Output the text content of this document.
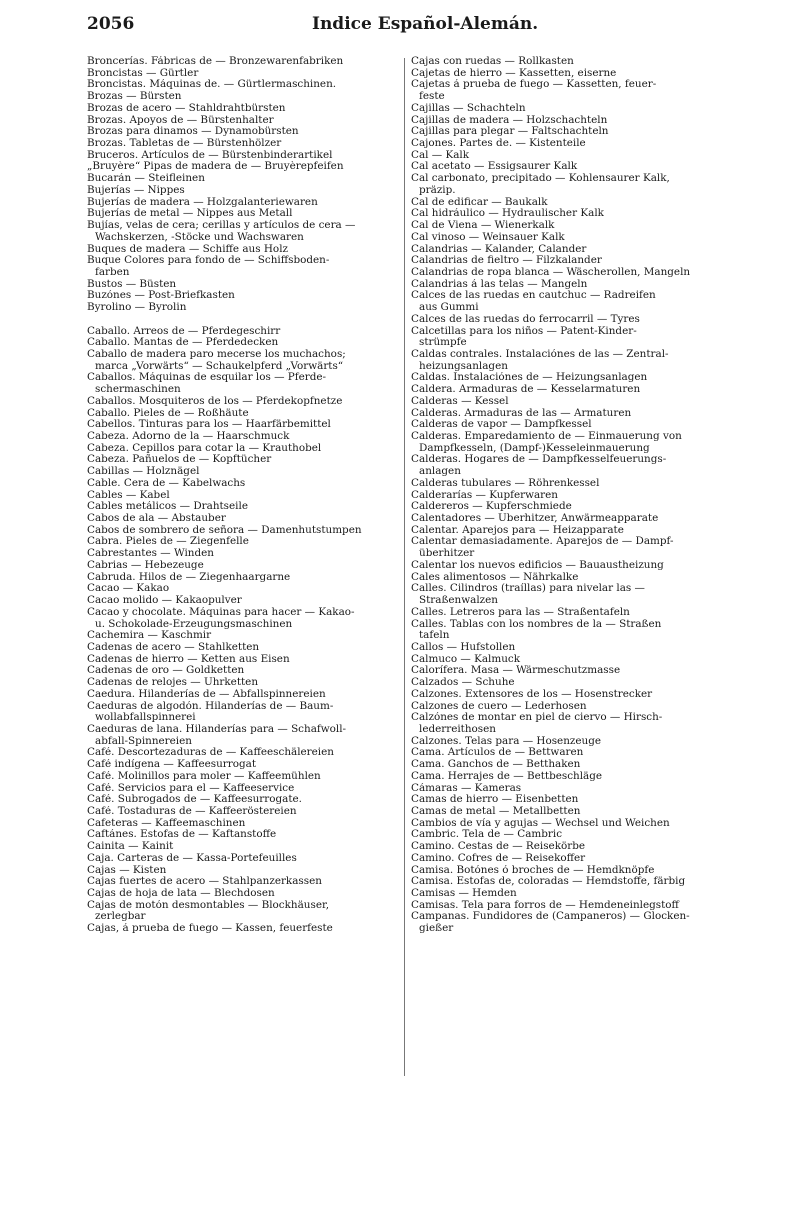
2056	Indice Español-Alemán.
Broncerías. Fábricas de — Bronzewarenfabriken
Broncistas — Gürtler
Broncistas. Máquinas de. — Gürtlermaschinen.
Brozas — Bürsten
Brozas de acero — Stahldrahtbürsten
Brozas. Apoyos de — Bürstenhalter
Brozas para dinamos — Dynamobürsten
Brozas. Tabletas de — Bürstenhölzer
Bruceros. Artículos de — Bürstenbinderartikel
„Bruyère“ Pipas de madera de — Bruyèrepfeifen
Bucarán — Steifleinen
Bujerías — Nippes
Bujerías de madera — Holzgalanteriewaren
Bujerías de metal — Nippes aus Metall
Bujías, velas de cera; cerillas y artículos de cera —
Wachskerzen, -Stöcke und Wachswaren
Buques de madera — Schiffe aus Holz
Buque Colores para fondo de — Schiffsboden-
farben
Bustos — Büsten
Buzónes — Post-Briefkasten
Byrolino — Byrolin
Caballo. Arreos de — Pferdegeschirr
Caballo. Mantas de — Pferdedecken
Caballo de madera paro mecerse los muchachos;
marca „Vorwärts“ — Schaukelpferd „Vorwärts“
Caballos. Máquinas de esquilar los — Pferde-
schermaschinen
Caballos. Mosquiteros de los — Pferdekopfnetze
Caballo. Pieles de — Roßhäute
Cabellos. Tinturas para los — Haarfärbemittel
Cabeza. Adorno de la — Haarschmuck
Cabeza. Cepillos para cotar la — Krauthobel
Cabeza. Pañuelos de — Kopftücher
Cabillas — Holznägel
Cable. Cera de — Kabelwachs
Cables — Kabel
Cables metálicos — Drahtseile
Cabos de ala — Abstauber
Cabos de sombrero de señora — Damenhutstumpen
Cabra. Pieles de — Ziegenfelle
Cabrestantes — Winden
Cabrias — Hebezeuge
Cabruda. Hilos de — Ziegenhaargarne
Cacao — Kakao
Cacao molido — Kakaopulver
Cacao y chocolate. Máquinas para hacer — Kakao-
u. Schokolade-Erzeugungsmaschinen
Cachemira — Kaschmir
Cadenas de acero — Stahlketten
Cadenas de hierro — Ketten aus Eisen
Cadenas de oro — Goldketten
Cadenas de relojes — Uhrketten
Caedura. Hilanderías de — Abfallspinnereien
Caeduras de algodón. Hilanderías de — Baum-
wollabfallspinnerei
Caeduras de lana. Hilanderías para — Schafwoll-
abfall-Spinnereien
Café. Descortezaduras de — Kaffeeschälereien
Café indígena — Kaffeesurrogat
Café. Molinillos para moler — Kaffeemühlen
Café. Servicios para el — Kaffeeservice
Café. Subrogados de — Kaffeesurrogate.
Café. Tostaduras de — Kaffeeröstereien
Cafeteras — Kaffeemaschinen
Caftánes. Estofas de — Kaftanstoffe
Cainita — Kainit
Caja. Carteras de — Kassa-Portefeuilles
Cajas — Kisten
Cajas fuertes de acero — Stahlpanzerkassen
Cajas de hoja de lata — Blechdosen
Cajas de motón desmontables — Blockhäuser,
zerlegbar
Cajas, á prueba de fuego — Kassen, feuerfeste
Cajas con ruedas — Rollkasten
Cajetas de hierro — Kassetten, eiserne
Cajetas á prueba de fuego — Kassetten, feuer-
feste
Cajillas — Schachteln
Cajillas de madera — Holzschachteln
Cajillas para plegar — Faltschachteln
Cajones. Partes de. — Kistenteile
Cal — Kalk
Cal acetato — Essigsaurer Kalk
Cal carbonato, precipitado — Kohlensaurer Kalk,
präzip.
Cal de edificar — Baukalk
Cal hidráulico — Hydraulischer Kalk
Cal de Viena — Wienerkalk
Cal vinoso — Weinsauer Kalk
Calandrias — Kalander, Calander
Calandrias de fieltro — Filzkalander
Calandrias de ropa blanca — Wäscherollen, Mangeln
Calandrias á las telas — Mangeln
Calces de las ruedas en cautchuc — Radreifen
aus Gummi
Calces de las ruedas do ferrocarril — Tyres
Calcetillas para los niños — Patent-Kinder-
strümpfe
Caldas contrales. Instalaciónes de las — Zentral-
heizungsanlagen
Caldas. Instalaciónes de — Heizungsanlagen
Caldera. Armaduras de — Kesselarmaturen
Calderas — Kessel
Calderas. Armaduras de las — Armaturen
Calderas de vapor — Dampfkessel
Calderas. Emparedamiento de — Einmauerung von
Dampfkesseln, (Dampf-)Kesseleinmauerung
Calderas. Hogares de — Dampfkesselfeuerungs-
anlagen
Calderas tubulares — Röhrenkessel
Calderarías — Kupferwaren
Caldereros — Kupferschmiede
Calentadores — Überhitzer, Anwärmeapparate
Calentar. Aparejos para — Heizapparate
Calentar demasiadamente. Aparejos de — Dampf-
überhitzer
Calentar los nuevos edificios — Bauaustheizung
Cales alimentosos — Nährkalke
Calles. Cilindros (traíllas) para nivelar las —
Straßenwalzen
Calles. Letreros para las — Straßentafeln
Calles. Tablas con los nombres de la — Straßen
tafeln
Callos — Hufstollen
Calmuco — Kalmuck
Calorífera. Masa — Wärmeschutzmasse
Calzados — Schuhe
Calzones. Extensores de los — Hosenstrecker
Calzones de cuero — Lederhosen
Calzónes de montar en piel de ciervo — Hirsch-
lederreithosen
Calzones. Telas para — Hosenzeuge
Cama. Artículos de — Bettwaren
Cama. Ganchos de — Betthaken
Cama. Herrajes de — Bettbeschläge
Cámaras — Kameras
Camas de hierro — Eisenbetten
Camas de metal — Metallbetten
Cambios de vía y agujas — Wechsel und Weichen
Cambric. Tela de — Cambric
Camino. Cestas de — Reisekörbe
Camino. Cofres de — Reisekoffer
Camisa. Botónes ó broches de — Hemdknöpfe
Camisa. Estofas de, coloradas — Hemdstoffe, färbig
Camisas — Hemden
Camisas. Tela para forros de — Hemdeneinlegstoff
Campanas. Fundidores de (Campaneros) — Glocken-
gießer
